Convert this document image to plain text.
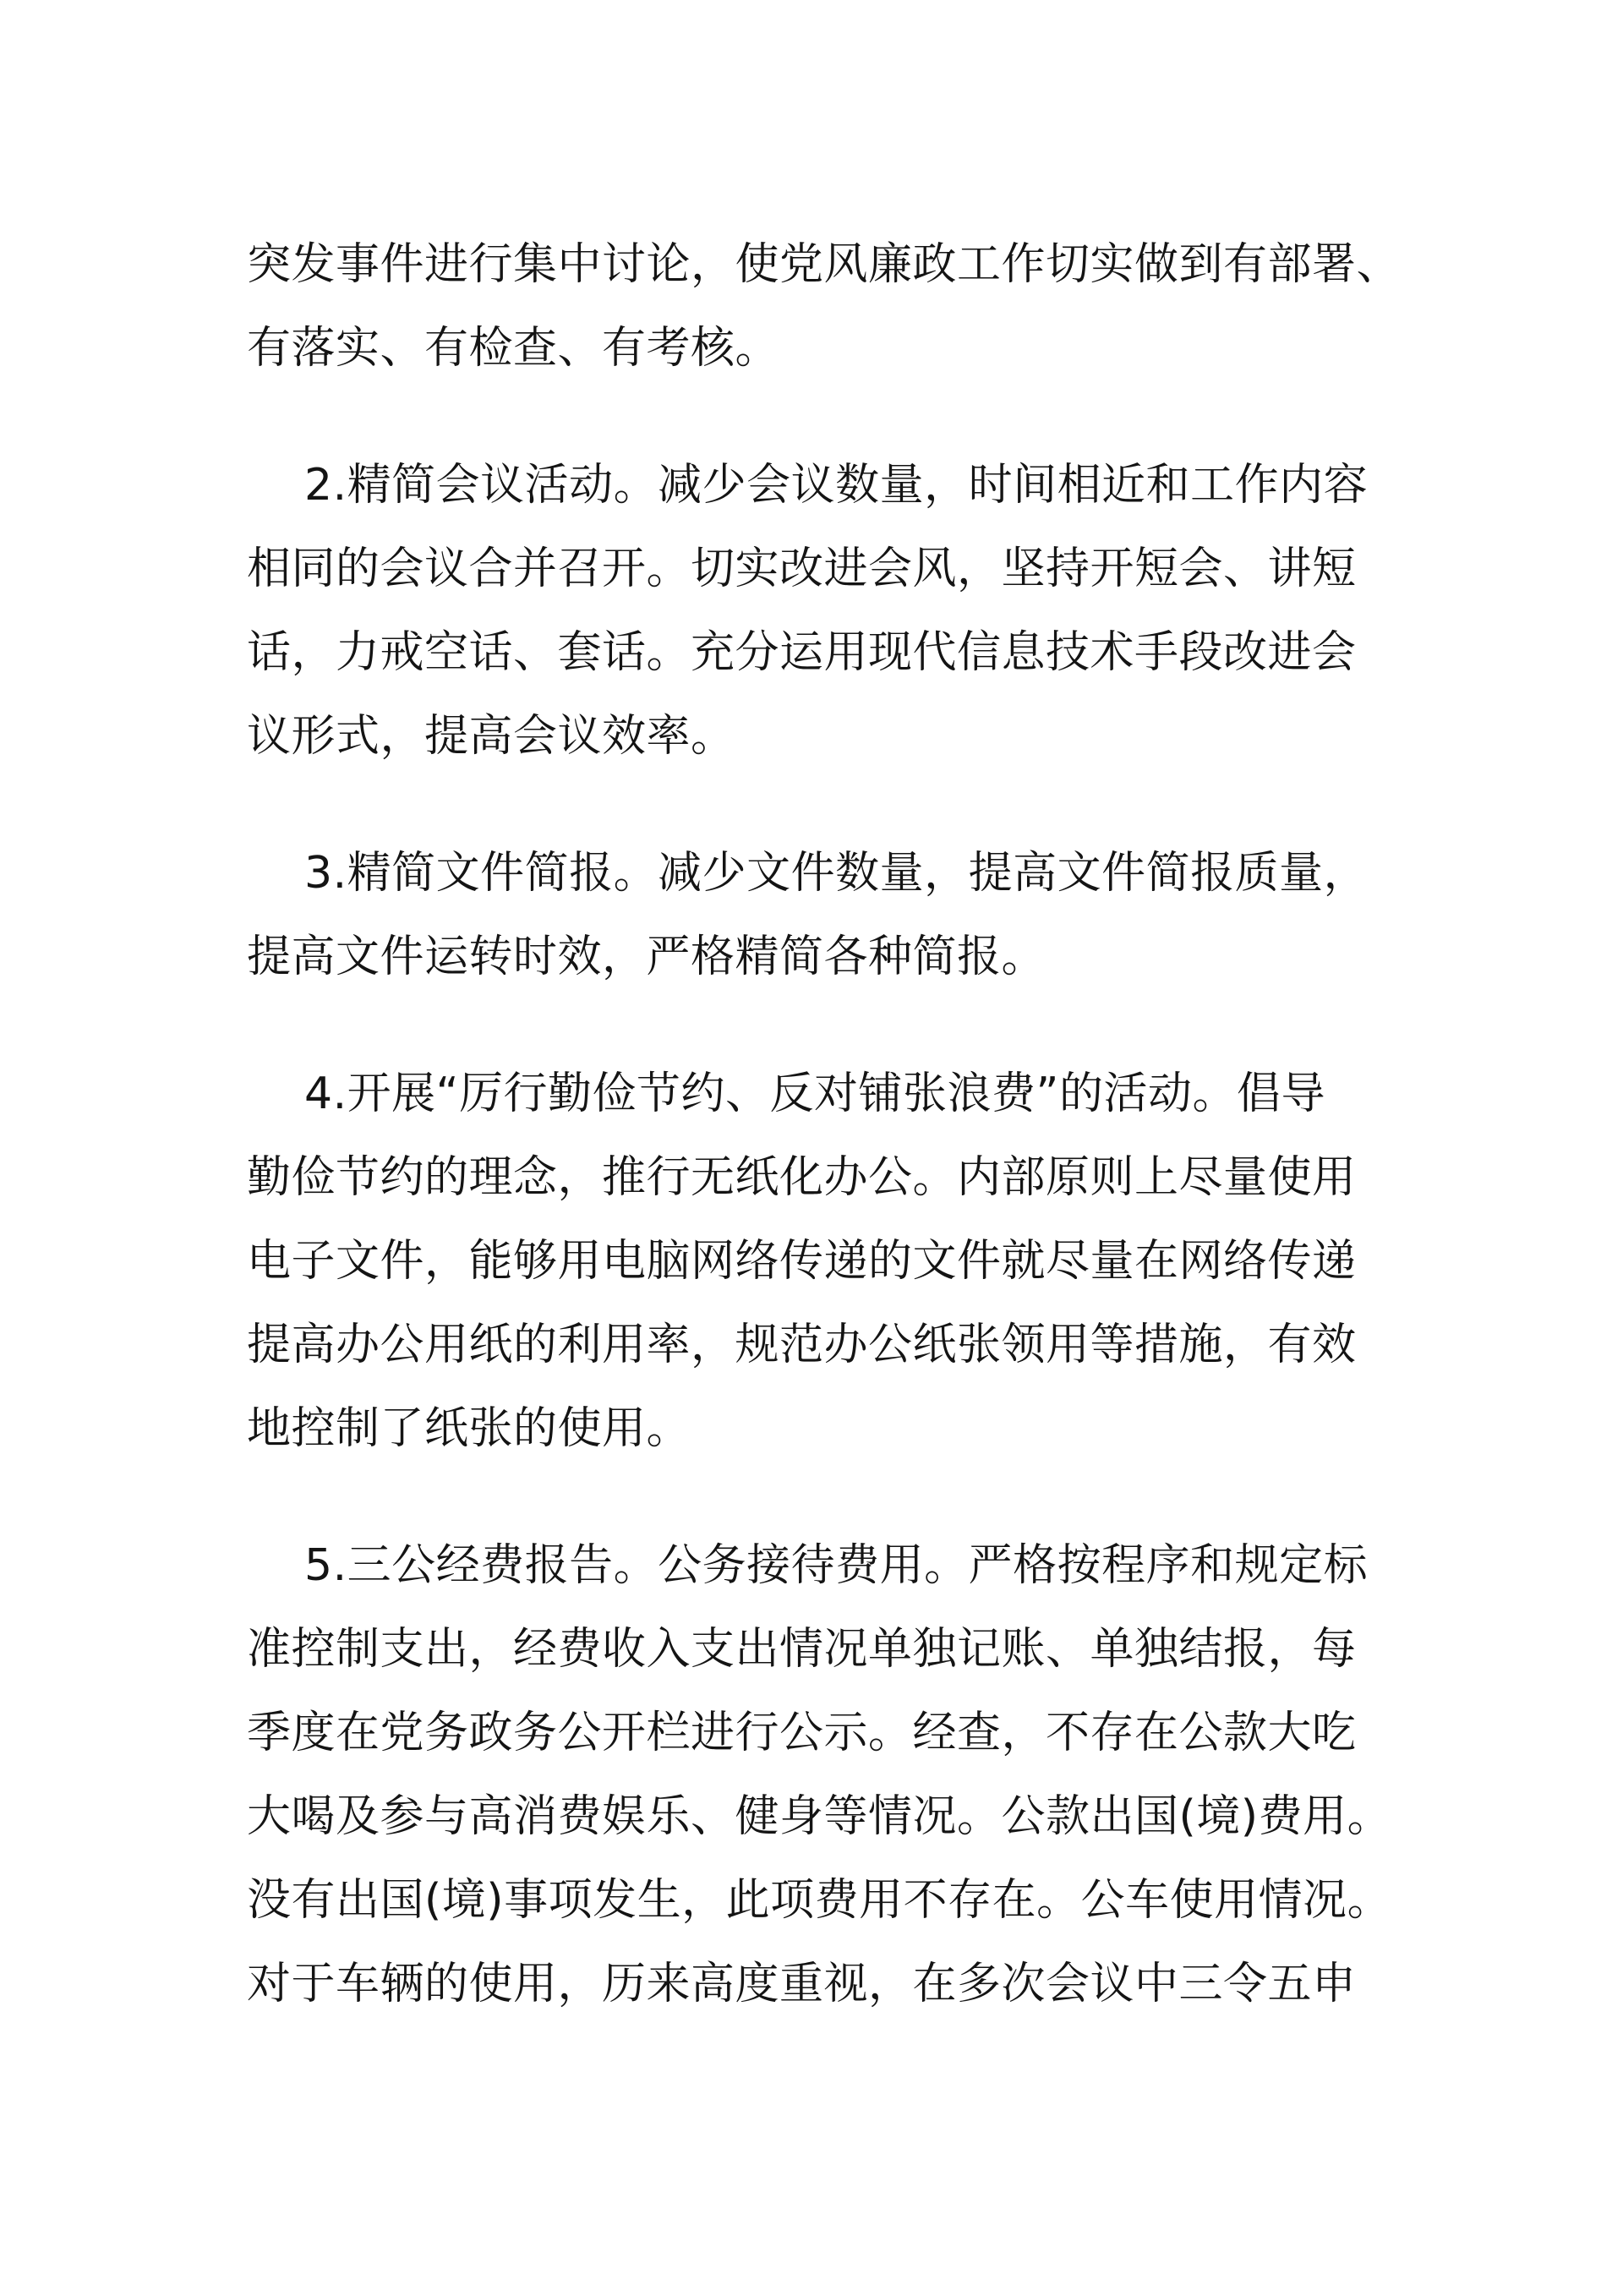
突发事件进行集中讨论，使党风廉政工作切实做到有部署、
有落实、有检查、有考核。

2.精简会议活动。减少会议数量，时间相近和工作内容
相同的会议合并召开。切实改进会风，坚持开短会、讲短
话，力戒空话、套话。充分运用现代信息技术手段改进会
议形式，提高会议效率。

3.精简文件简报。减少文件数量，提高文件简报质量，
提高文件运转时效，严格精简各种简报。

4.开展“厉行勤俭节约、反对铺张浪费”的活动。倡导
勤俭节约的理念，推行无纸化办公。内部原则上尽量使用
电子文件，能够用电脑网络传递的文件就尽量在网络传递
提高办公用纸的利用率，规范办公纸张领用等措施，有效
地控制了纸张的使用。

5.三公经费报告。公务接待费用。严格按程序和规定标
准控制支出，经费收入支出情况单独记账、单独结报，每
季度在党务政务公开栏进行公示。经查，不存在公款大吃
大喝及参与高消费娱乐、健身等情况。公款出国(境)费用。
没有出国(境)事项发生，此项费用不存在。公车使用情况。
对于车辆的使用，历来高度重视，在多次会议中三令五申
